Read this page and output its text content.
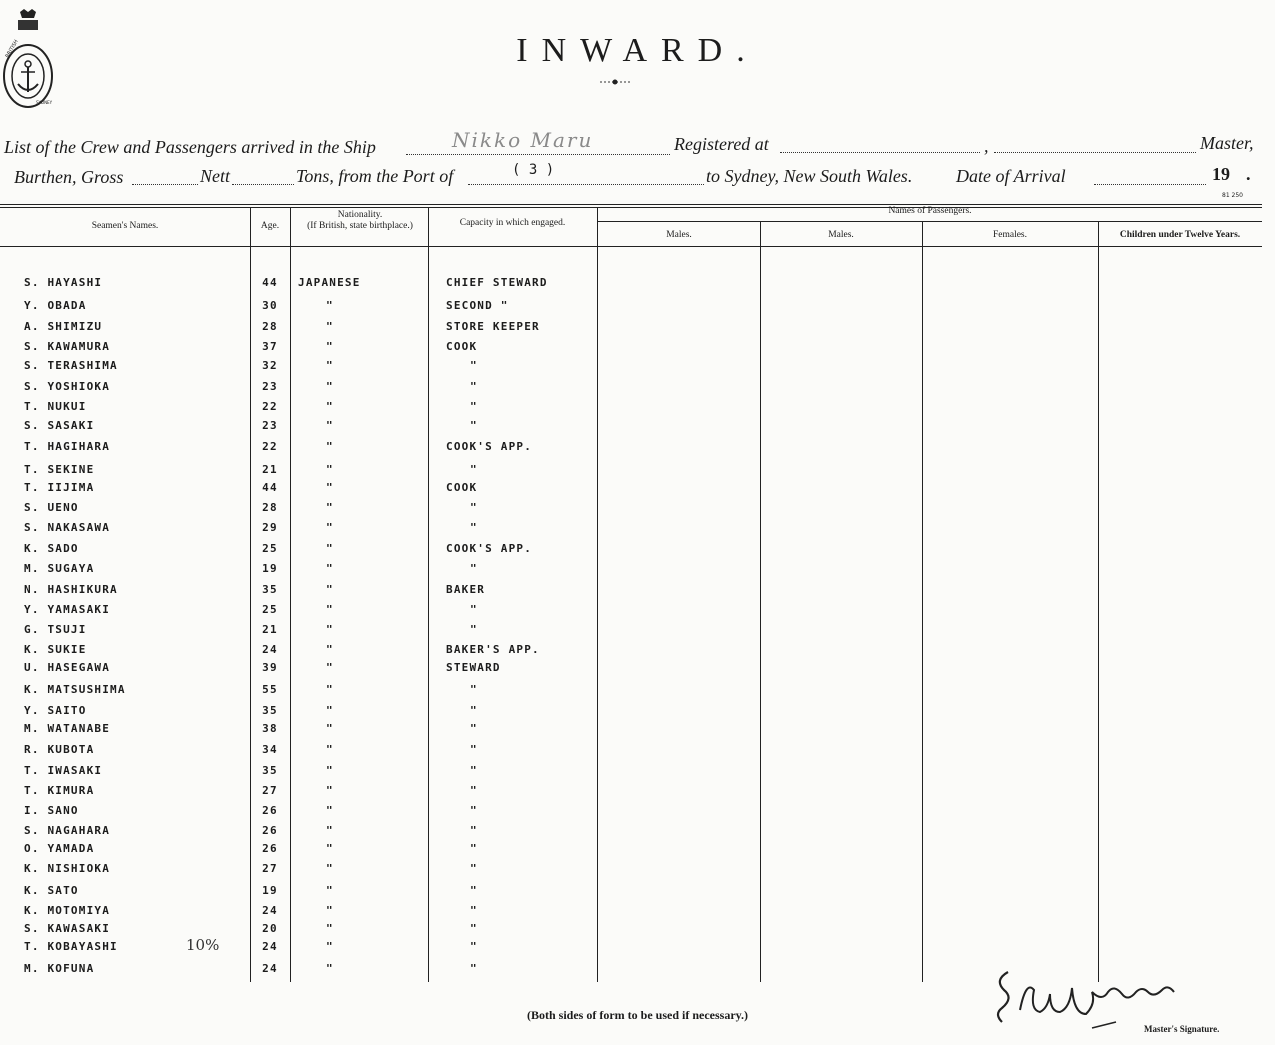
BRITISH
SYDNEY
INWARD.
List of the Crew and Passengers arrived in the Ship	Nikko Maru	Registered at	,	Master,
Burthen, Gross	Nett	Tons, from the Port of	( 3 )	to Sydney, New South Wales. Date of Arrival	19 .
81 250
Seamen's Names.	Age.
Nationality.
(If British, state birthplace.)	Capacity in which engaged.
Names of Passengers.
Males.	Males.	Females.	Children under Twelve Years.
S. HAYASHI	44	JAPANESE	CHIEF STEWARD
Y. OBADA	30	"	SECOND "
A. SHIMIZU	28	"	STORE KEEPER
S. KAWAMURA	37	"	COOK
S. TERASHIMA	32	"	"
S. YOSHIOKA	23	"	"
T. NUKUI	22	"	"
S. SASAKI	23	"	"
T. HAGIHARA	22	"	COOK'S APP.
T. SEKINE	21	"	"
T. IIJIMA	44	"	COOK
S. UENO	28	"	"
S. NAKASAWA	29	"	"
K. SADO	25	"	COOK'S APP.
M. SUGAYA	19	"	"
N. HASHIKURA	35	"	BAKER
Y. YAMASAKI	25	"	"
G. TSUJI	21	"	"
K. SUKIE	24	"	BAKER'S APP.
U. HASEGAWA	39	"	STEWARD
K. MATSUSHIMA	55	"	"
Y. SAITO	35	"	"
M. WATANABE	38	"	"
R. KUBOTA	34	"	"
T. IWASAKI	35	"	"
T. KIMURA	27	"	"
I. SANO	26	"	"
S. NAGAHARA	26	"	"
O. YAMADA	26	"	"
K. NISHIOKA	27	"	"
K. SATO	19	"	"
K. MOTOMIYA	24	"	"
S. KAWASAKI	20	"	"
T. KOBAYASHI	24	"	"
M. KOFUNA	24	"	"
10%
(Both sides of form to be used if necessary.)
Master's Signature.
